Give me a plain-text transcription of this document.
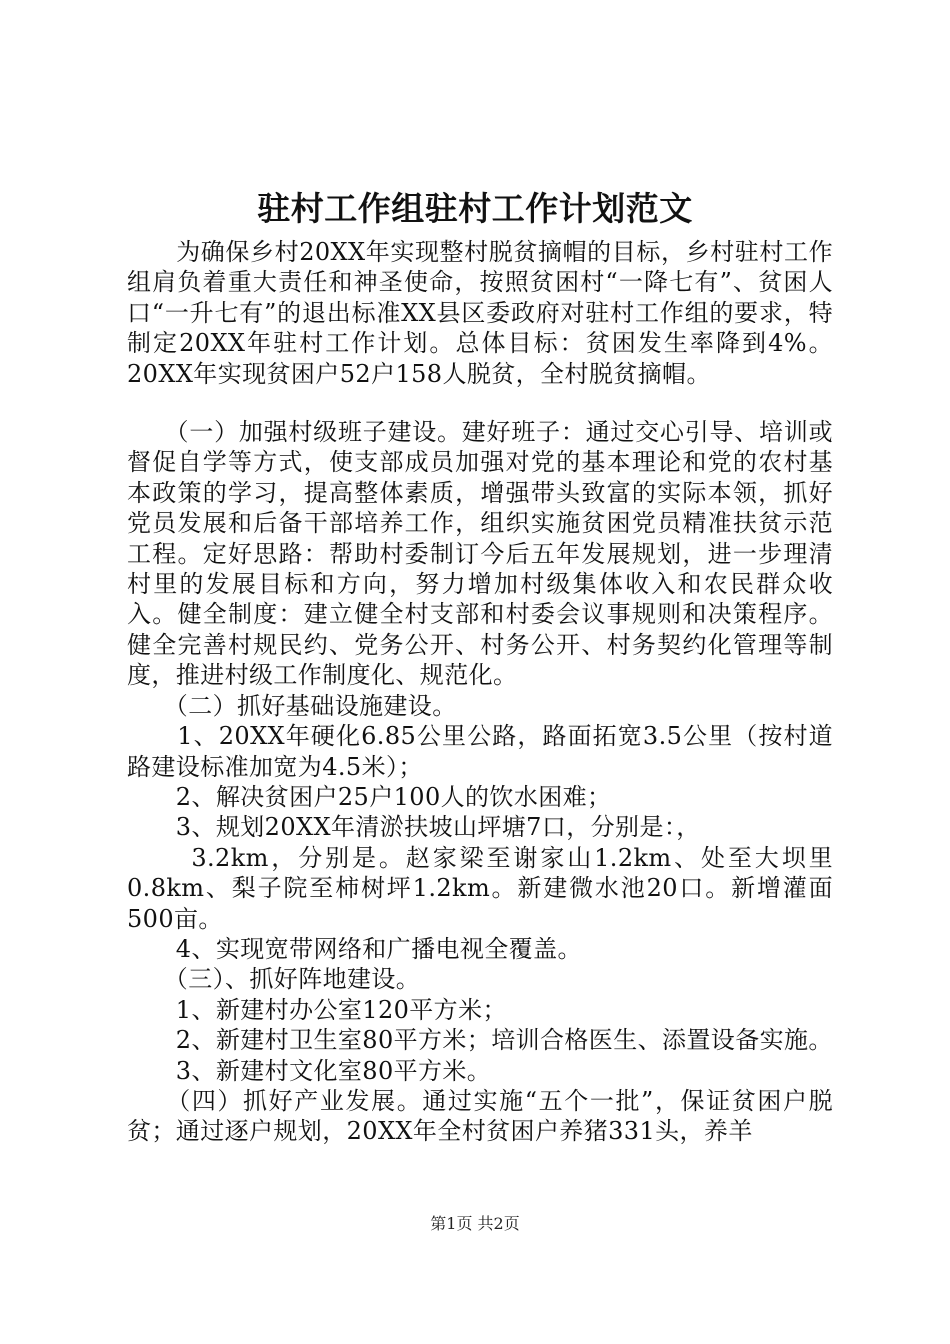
驻村工作组驻村工作计划范文

　　为确保乡村20XX年实现整村脱贫摘帽的目标，乡村驻村工作组肩负着重大责任和神圣使命，按照贫困村“一降七有”、贫困人口“一升七有”的退出标准XX县区委政府对驻村工作组的要求，特制定20XX年驻村工作计划。总体目标：贫困发生率降到4%。20XX年实现贫困户52户158人脱贫，全村脱贫摘帽。

　　（一）加强村级班子建设。建好班子：通过交心引导、培训或督促自学等方式，使支部成员加强对党的基本理论和党的农村基本政策的学习，提高整体素质，增强带头致富的实际本领，抓好党员发展和后备干部培养工作，组织实施贫困党员精准扶贫示范工程。定好思路：帮助村委制订今后五年发展规划，进一步理清村里的发展目标和方向，努力增加村级集体收入和农民群众收入。健全制度：建立健全村支部和村委会议事规则和决策程序。健全完善村规民约、党务公开、村务公开、村务契约化管理等制度，推进村级工作制度化、规范化。

　　（二）抓好基础设施建设。

　　1、20XX年硬化6.85公里公路，路面拓宽3.5公里（按村道路建设标准加宽为4.5米）；

　　2、解决贫困户25户100人的饮水困难；

　　3、规划20XX年清淤扶坡山坪塘7口，分别是：，

　　 3.2km，分别是。赵家梁至谢家山1.2km、处至大坝里0.8km、梨子院至柿树坪1.2km。新建微水池20口。新增灌面500亩。

　　4、实现宽带网络和广播电视全覆盖。

　　（三）、抓好阵地建设。

　　1、新建村办公室120平方米；

　　2、新建村卫生室80平方米；培训合格医生、添置设备实施。

　　3、新建村文化室80平方米。

　　（四）抓好产业发展。通过实施“五个一批”，保证贫困户脱贫；通过逐户规划，20XX年全村贫困户养猪331头，养羊

第1页 共2页
